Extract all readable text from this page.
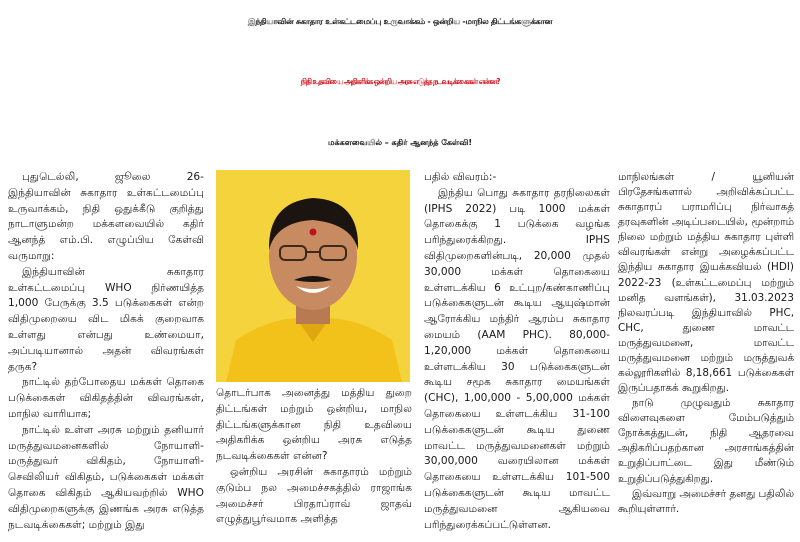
இந்தியாவின் சுகாதார உள்கட்டமைப்பு உருவாக்கம் - ஒன்றிய -மாநில திட்டங்களுக்கான
நிதி உதவியை அதிகரிக்க ஒன்றிய அரசு எடுத்த நடவடிக்கைகள் என்ன?
மக்களவையில் – கதிர் ஆனந்த் கேள்வி!

புதுடெல்லி, ஜூலை 26- இந்தியாவின் சுகாதார உள்கட்டமைப்பு உருவாக்கம், நிதி ஒதுக்கீடு குறித்து நாடாளுமன்ற மக்களவையில் கதிர் ஆனந்த் எம்.பி. எழுப்பிய கேள்வி வருமாறு:

இந்தியாவின் சுகாதார உள்கட்டமைப்பு WHO நிர்ணயித்த 1,000 பேருக்கு 3.5 படுக்கைகள் என்ற விதிமுறையை விட மிகக் குறைவாக உள்ளது என்பது உண்மையா, அப்படியானால் அதன் விவரங்கள் தருக?

நாட்டில் தற்போதைய மக்கள் தொகை படுக்கைகள் விகிதத்தின் விவரங்கள், மாநில வாரியாக;

நாட்டில் உள்ள அரசு மற்றும் தனியார் மருத்துவமனைகளில் நோயாளி-மருத்துவர் விகிதம், நோயாளி-செவிலியர் விகிதம், படுக்கைகள் மக்கள் தொகை விகிதம் ஆகியவற்றில் WHO விதிமுறைகளுக்கு இணங்க அரசு எடுத்த நடவடிக்கைகள்; மற்றும் இது

தொடர்பாக அனைத்து மத்திய துறை திட்டங்கள் மற்றும் ஒன்றிய, மாநில திட்டங்களுக்கான நிதி உதவியை அதிகரிக்க ஒன்றிய அரசு எடுத்த நடவடிக்கைகள் என்ன?

ஒன்றிய அரசின் சுகாதாரம் மற்றும் குடும்ப நல அமைச்சகத்தில் ராஜாங்க அமைச்சர் பிரதாப்ராவ் ஜாதவ் எழுத்துபூர்வமாக அளித்த

பதில் விவரம்:-

இந்திய பொது சுகாதார தரநிலைகள் (IPHS 2022) படி 1000 மக்கள் தொகைக்கு 1 படுக்கை வழங்க பரிந்துரைக்கிறது. IPHS விதிமுறைகளின்படி, 20,000 முதல் 30,000 மக்கள் தொகையை உள்ளடக்கிய 6 உட்புற/கண்காணிப்பு படுக்கைகளுடன் கூடிய ஆயுஷ்மான் ஆரோக்கிய மந்திர் ஆரம்ப சுகாதார மையம் (AAM PHC). 80,000-1,20,000 மக்கள் தொகையை உள்ளடக்கிய 30 படுக்கைகளுடன் கூடிய சமூக சுகாதார மையங்கள் (CHC), 1,00,000 - 5,00,000 மக்கள் தொகையை உள்ளடக்கிய 31-100 படுக்கைகளுடன் கூடிய துணை மாவட்ட மருத்துவமனைகள் மற்றும் 30,00,000 வரையிலான மக்கள் தொகையை உள்ளடக்கிய 101-500 படுக்கைகளுடன் கூடிய மாவட்ட மருத்துவமனை ஆகியவை பரிந்துரைக்கப்பட்டுள்ளன.

மாநிலங்கள் / யூனியன் பிரதேசங்களால் அறிவிக்கப்பட்ட சுகாதாரப் பராமரிப்பு நிர்வாகத் தரவுகளின் அடிப்படையில், மூன்றாம் நிலை மற்றும் மத்திய சுகாதார புள்ளி விவரங்கள் என்று அழைக்கப்பட்ட இந்திய சுகாதார இயக்கவியல் (HDI) 2022-23 (உள்கட்டமைப்பு மற்றும் மனித வளங்கள்), 31.03.2023 நிலவரப்படி இந்தியாவில் PHC, CHC, துணை மாவட்ட மருத்துவமனை, மாவட்ட மருத்துவமனை மற்றும் மருத்துவக் கல்லூரிகளில் 8,18,661 படுக்கைகள் இருப்பதாகக் கூறுகிறது.

நாடு முழுவதும் சுகாதார விளைவுகளை மேம்படுத்தும் நோக்கத்துடன், நிதி ஆதரவை அதிகரிப்பதற்கான அரசாங்கத்தின் உறுதிப்பாட்டை இது மீண்டும் உறுதிப்படுத்துகிறது.

இவ்வாறு அமைச்சர் தனது பதிலில் கூறியுள்ளார்.
